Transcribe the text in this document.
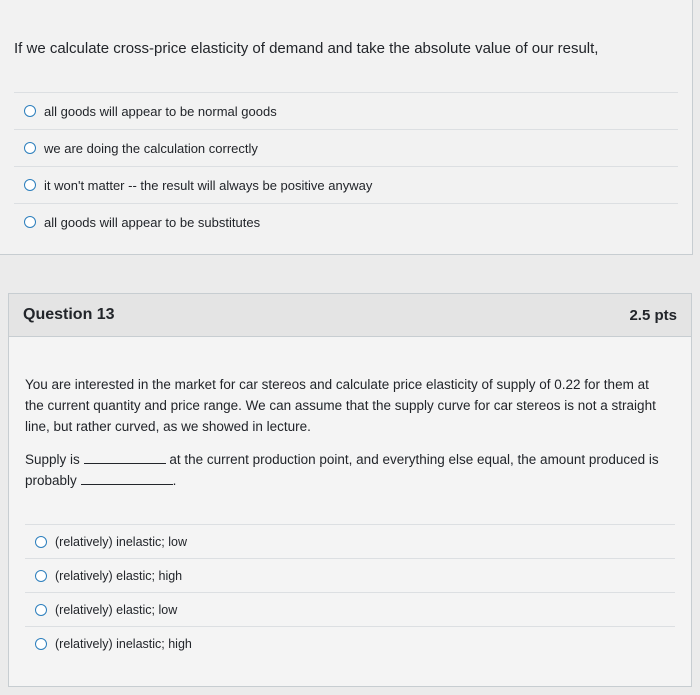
If we calculate cross-price elasticity of demand and take the absolute value of our result,
all goods will appear to be normal goods
we are doing the calculation correctly
it won't matter -- the result will always be positive anyway
all goods will appear to be substitutes
Question 13	2.5 pts
You are interested in the market for car stereos and calculate price elasticity of supply of 0.22 for them at the current quantity and price range. We can assume that the supply curve for car stereos is not a straight line, but rather curved, as we showed in lecture.
Supply is	at the current production point, and everything else equal, the amount produced is probably	.
(relatively) inelastic; low
(relatively) elastic; high
(relatively) elastic; low
(relatively) inelastic; high
